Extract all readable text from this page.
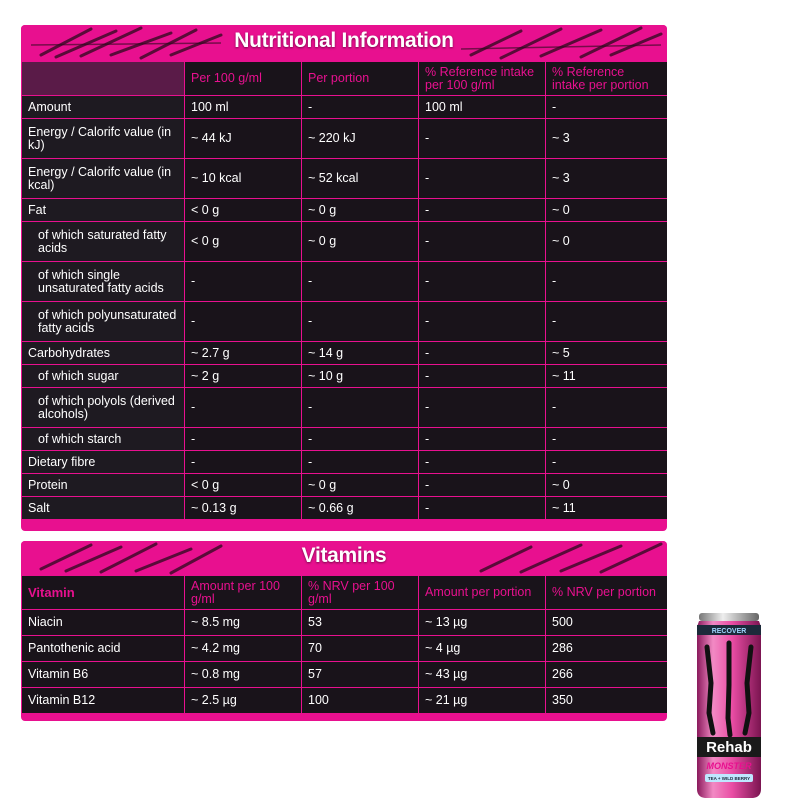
Nutritional Information
	Per 100 g/ml	Per portion	% Reference intake per 100 g/ml	% Reference intake per portion
Amount	100 ml	-	100 ml	-
Energy / Calorifc value (in kJ)	~ 44 kJ	~ 220 kJ	-	~ 3
Energy / Calorifc value (in kcal)	~ 10 kcal	~ 52 kcal	-	~ 3
Fat	< 0 g	~ 0 g	-	~ 0
of which saturated fatty acids	< 0 g	~ 0 g	-	~ 0
of which single unsaturated fatty acids	-	-	-	-
of which polyunsaturated fatty acids	-	-	-	-
Carbohydrates	~ 2.7 g	~ 14 g	-	~ 5
of which sugar	~ 2 g	~ 10 g	-	~ 11
of which polyols (derived alcohols)	-	-	-	-
of which starch	-	-	-	-
Dietary fibre	-	-	-	-
Protein	< 0 g	~ 0 g	-	~ 0
Salt	~ 0.13 g	~ 0.66 g	-	~ 11
Vitamins
Vitamin	Amount per 100 g/ml	% NRV per 100 g/ml	Amount per portion	% NRV per portion
Niacin	~ 8.5 mg	53	~ 13 µg	500
Pantothenic acid	~ 4.2 mg	70	~ 4 µg	286
Vitamin B6	~ 0.8 mg	57	~ 43 µg	266
Vitamin B12	~ 2.5 µg	100	~ 21 µg	350
RECOVER
Rehab
MONSTER
TEA + WILD BERRY
